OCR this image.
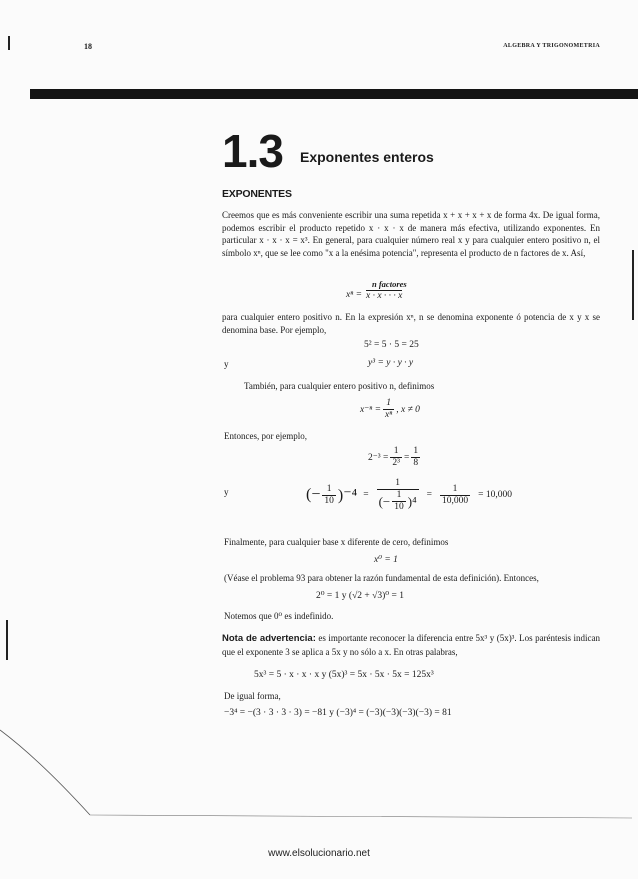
18	ALGEBRA Y TRIGONOMETRIA
1.3 Exponentes enteros
EXPONENTES
Creemos que es más conveniente escribir una suma repetida x + x + x + x de forma 4x. De igual forma, podemos escribir el producto repetido x · x · x de manera más efectiva, utilizando exponentes. En particular x · x · x = x³. En general, para cualquier número real x y para cualquier entero positivo n, el símbolo xⁿ, que se lee como "x a la enésima potencia", representa el producto de n factores de x. Así,
n factores
xⁿ = x · x · · · x
para cualquier entero positivo n. En la expresión xⁿ, n se denomina exponente ó potencia de x y x se denomina base. Por ejemplo,
5² = 5 · 5 = 25
y	y³ = y · y · y
También, para cualquier entero positivo n, definimos
$x^{-n} = \frac{1}{\text{xⁿ}}$ , x ≠ 0
Entonces, por ejemplo,
$2^{-3} = \frac{1}{\text{2³}} = \frac{1}{8}$
y	(− $\frac{1}{10} )^{-4} = \frac{1}{(- \frac{1}{10} )^4} = \frac{1}{10,000} = 10,000$
Finalmente, para cualquier base x diferente de cero, definimos
x⁰ = 1
(Véase el problema 93 para obtener la razón fundamental de esta definición). Entonces,
2⁰ = 1 y (√2 + √3)⁰ = 1
Notemos que 0⁰ es indefinido.
Nota de advertencia: es importante reconocer la diferencia entre 5x³ y (5x)³. Los paréntesis indican que el exponente 3 se aplica a 5x y no sólo a x. En otras palabras,
5x³ = 5 · x · x · x y (5x)³ = 5x · 5x · 5x = 125x³
De igual forma,
−3⁴ = −(3 · 3 · 3 · 3) = −81 y (−3)⁴ = (−3)(−3)(−3)(−3) = 81
www.elsolucionario.net
